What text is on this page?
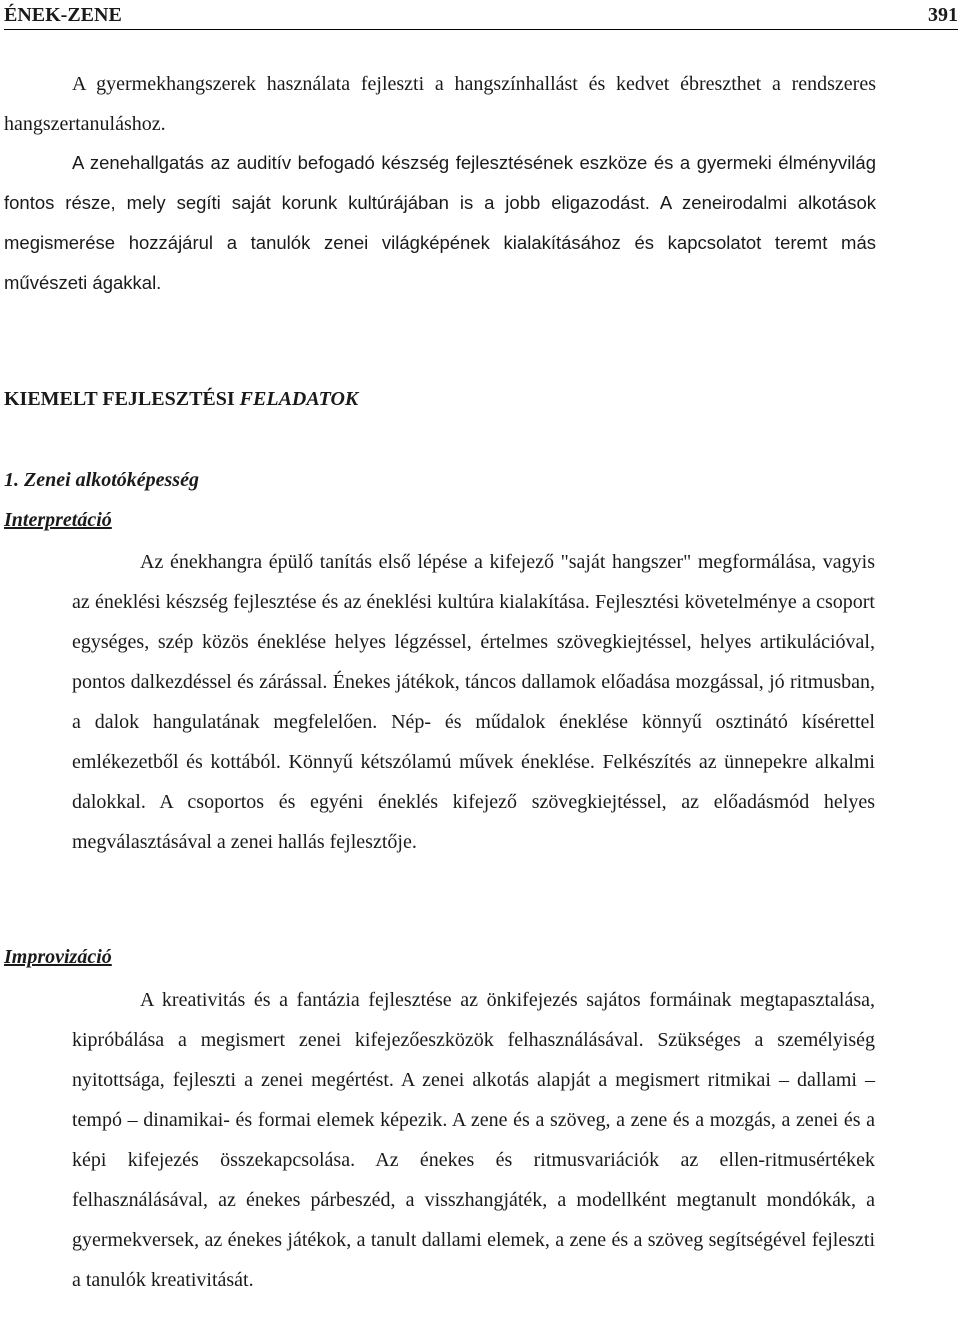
ÉNEK-ZENE	391

A gyermekhangszerek használata fejleszti a hangszínhallást és kedvet ébreszthet a rendszeres hangszertanuláshoz.

A zenehallgatás az auditív befogadó készség fejlesztésének eszköze és a gyermeki élményvilág fontos része, mely segíti saját korunk kultúrájában is a jobb eligazodást. A zeneirodalmi alkotások megismerése hozzájárul a tanulók zenei világképének kialakításához és kapcsolatot teremt más művészeti ágakkal.

KIEMELT FEJLESZTÉSI FELADATOK
1. Zenei alkotóképesség
Interpretáció

Az énekhangra épülő tanítás első lépése a kifejező "saját hangszer" megformálása, vagyis az éneklési készség fejlesztése és az éneklési kultúra kialakítása. Fejlesztési követelménye a csoport egységes, szép közös éneklése helyes légzéssel, értelmes szövegkiejtéssel, helyes artikulációval, pontos dalkezdéssel és zárással. Énekes játékok, táncos dallamok előadása mozgással, jó ritmusban, a dalok hangulatának megfelelően. Nép- és műdalok éneklése könnyű osztinátó kísérettel emlékezetből és kottából. Könnyű kétszólamú művek éneklése. Felkészítés az ünnepekre alkalmi dalokkal. A csoportos és egyéni éneklés kifejező szövegkiejtéssel, az előadásmód helyes megválasztásával a zenei hallás fejlesztője.

Improvizáció

A kreativitás és a fantázia fejlesztése az önkifejezés sajátos formáinak megtapasztalása, kipróbálása a megismert zenei kifejezőeszközök felhasználásával. Szükséges a személyiség nyitottsága, fejleszti a zenei megértést. A zenei alkotás alapját a megismert ritmikai – dallami – tempó – dinamikai- és formai elemek képezik. A zene és a szöveg, a zene és a mozgás, a zenei és a képi kifejezés összekapcsolása. Az énekes és ritmusvariációk az ellen-ritmusértékek felhasználásával, az énekes párbeszéd, a visszhangjáték, a modellként megtanult mondókák, a gyermekversek, az énekes játékok, a tanult dallami elemek, a zene és a szöveg segítségével fejleszti a tanulók kreativitását.
